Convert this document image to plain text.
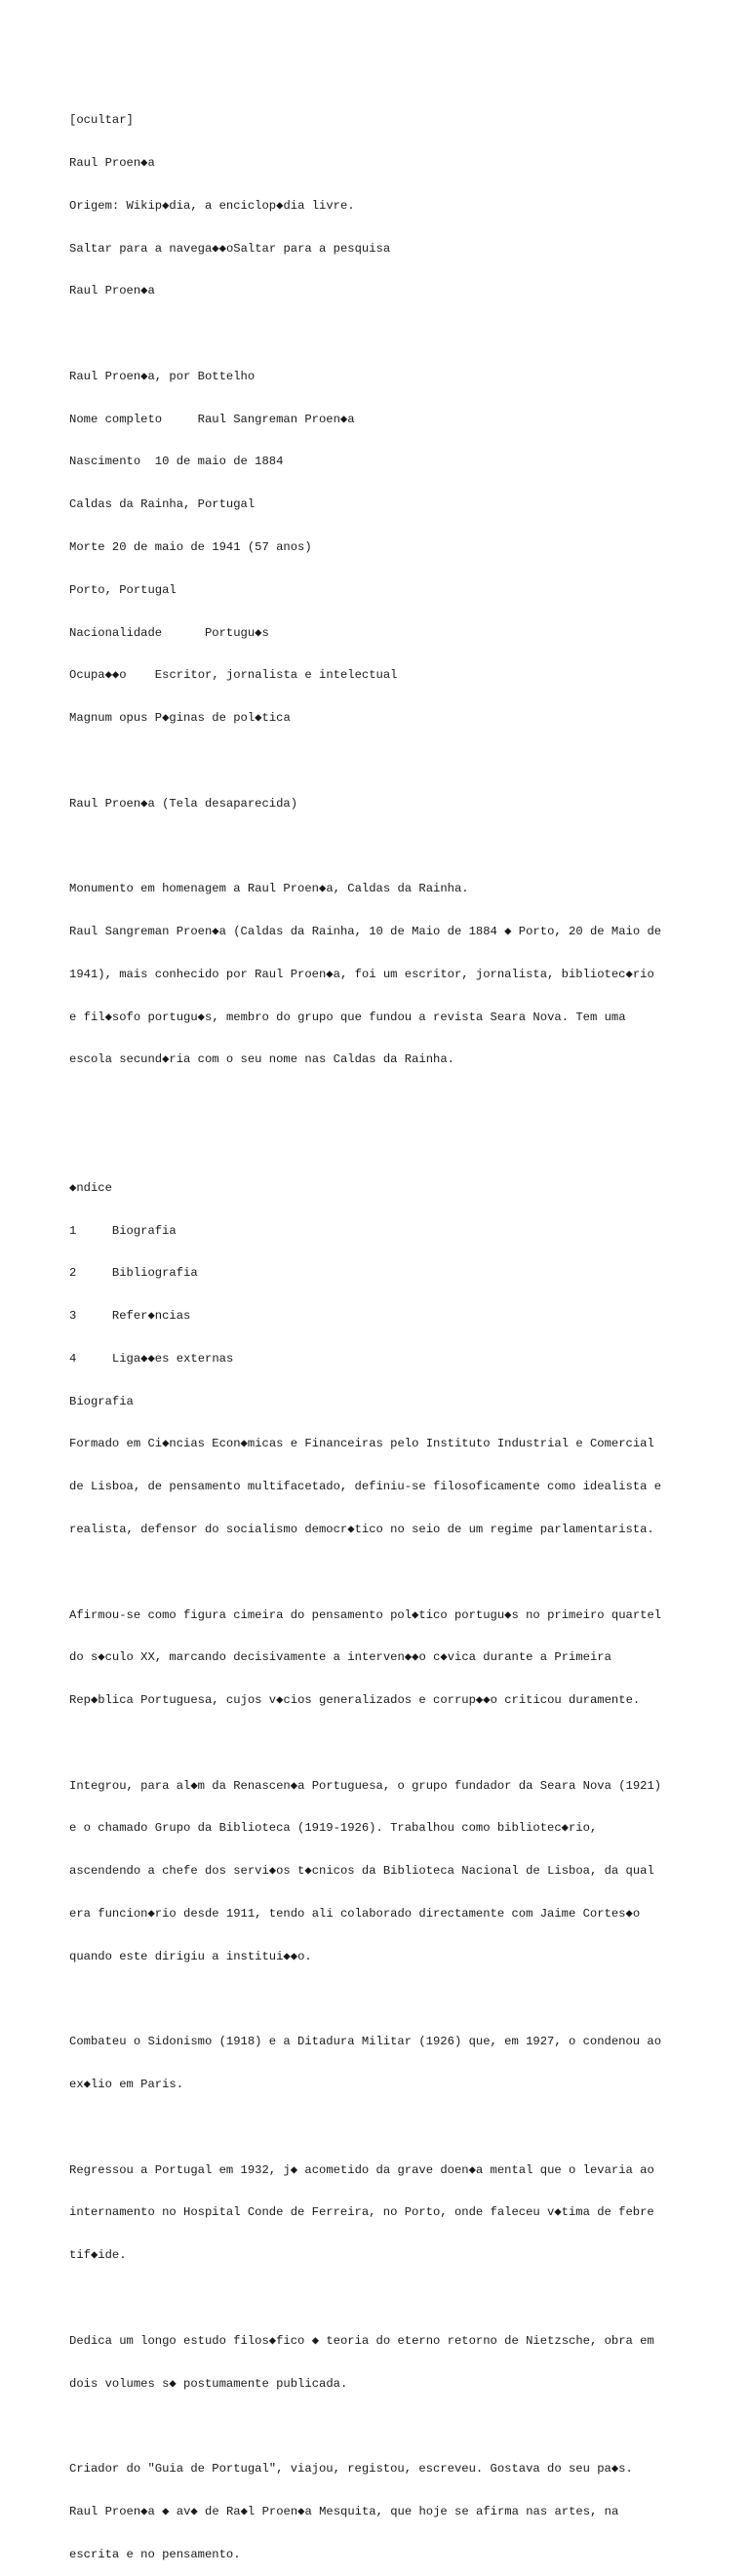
[ocultar]

Raul Proen◆a

Origem: Wikip◆dia, a enciclop◆dia livre.

Saltar para a navega◆◆oSaltar para a pesquisa

Raul Proen◆a

Raul Proen◆a, por Bottelho

Nome completo     Raul Sangreman Proen◆a

Nascimento  10 de maio de 1884

Caldas da Rainha, Portugal

Morte 20 de maio de 1941 (57 anos)

Porto, Portugal

Nacionalidade      Portugu◆s

Ocupa◆◆o    Escritor, jornalista e intelectual

Magnum opus P◆ginas de pol◆tica

Raul Proen◆a (Tela desaparecida)

Monumento em homenagem a Raul Proen◆a, Caldas da Rainha.

Raul Sangreman Proen◆a (Caldas da Rainha, 10 de Maio de 1884 ◆ Porto, 20 de Maio de

1941), mais conhecido por Raul Proen◆a, foi um escritor, jornalista, bibliotec◆rio

e fil◆sofo portugu◆s, membro do grupo que fundou a revista Seara Nova. Tem uma

escola secund◆ria com o seu nome nas Caldas da Rainha.

◆ndice

1     Biografia

2     Bibliografia

3     Refer◆ncias

4     Liga◆◆es externas

Biografia

Formado em Ci◆ncias Econ◆micas e Financeiras pelo Instituto Industrial e Comercial

de Lisboa, de pensamento multifacetado, definiu-se filosoficamente como idealista e

realista, defensor do socialismo democr◆tico no seio de um regime parlamentarista.

Afirmou-se como figura cimeira do pensamento pol◆tico portugu◆s no primeiro quartel

do s◆culo XX, marcando decisivamente a interven◆◆o c◆vica durante a Primeira

Rep◆blica Portuguesa, cujos v◆cios generalizados e corrup◆◆o criticou duramente.

Integrou, para al◆m da Renascen◆a Portuguesa, o grupo fundador da Seara Nova (1921)

e o chamado Grupo da Biblioteca (1919-1926). Trabalhou como bibliotec◆rio,

ascendendo a chefe dos servi◆os t◆cnicos da Biblioteca Nacional de Lisboa, da qual

era funcion◆rio desde 1911, tendo ali colaborado directamente com Jaime Cortes◆o

quando este dirigiu a institui◆◆o.

Combateu o Sidonismo (1918) e a Ditadura Militar (1926) que, em 1927, o condenou ao

ex◆lio em Paris.

Regressou a Portugal em 1932, j◆ acometido da grave doen◆a mental que o levaria ao

internamento no Hospital Conde de Ferreira, no Porto, onde faleceu v◆tima de febre

tif◆ide.

Dedica um longo estudo filos◆fico ◆ teoria do eterno retorno de Nietzsche, obra em

dois volumes s◆ postumamente publicada.

Criador do "Guia de Portugal", viajou, registou, escreveu. Gostava do seu pa◆s.

Raul Proen◆a ◆ av◆ de Ra◆l Proen◆a Mesquita, que hoje se afirma nas artes, na

escrita e no pensamento.
